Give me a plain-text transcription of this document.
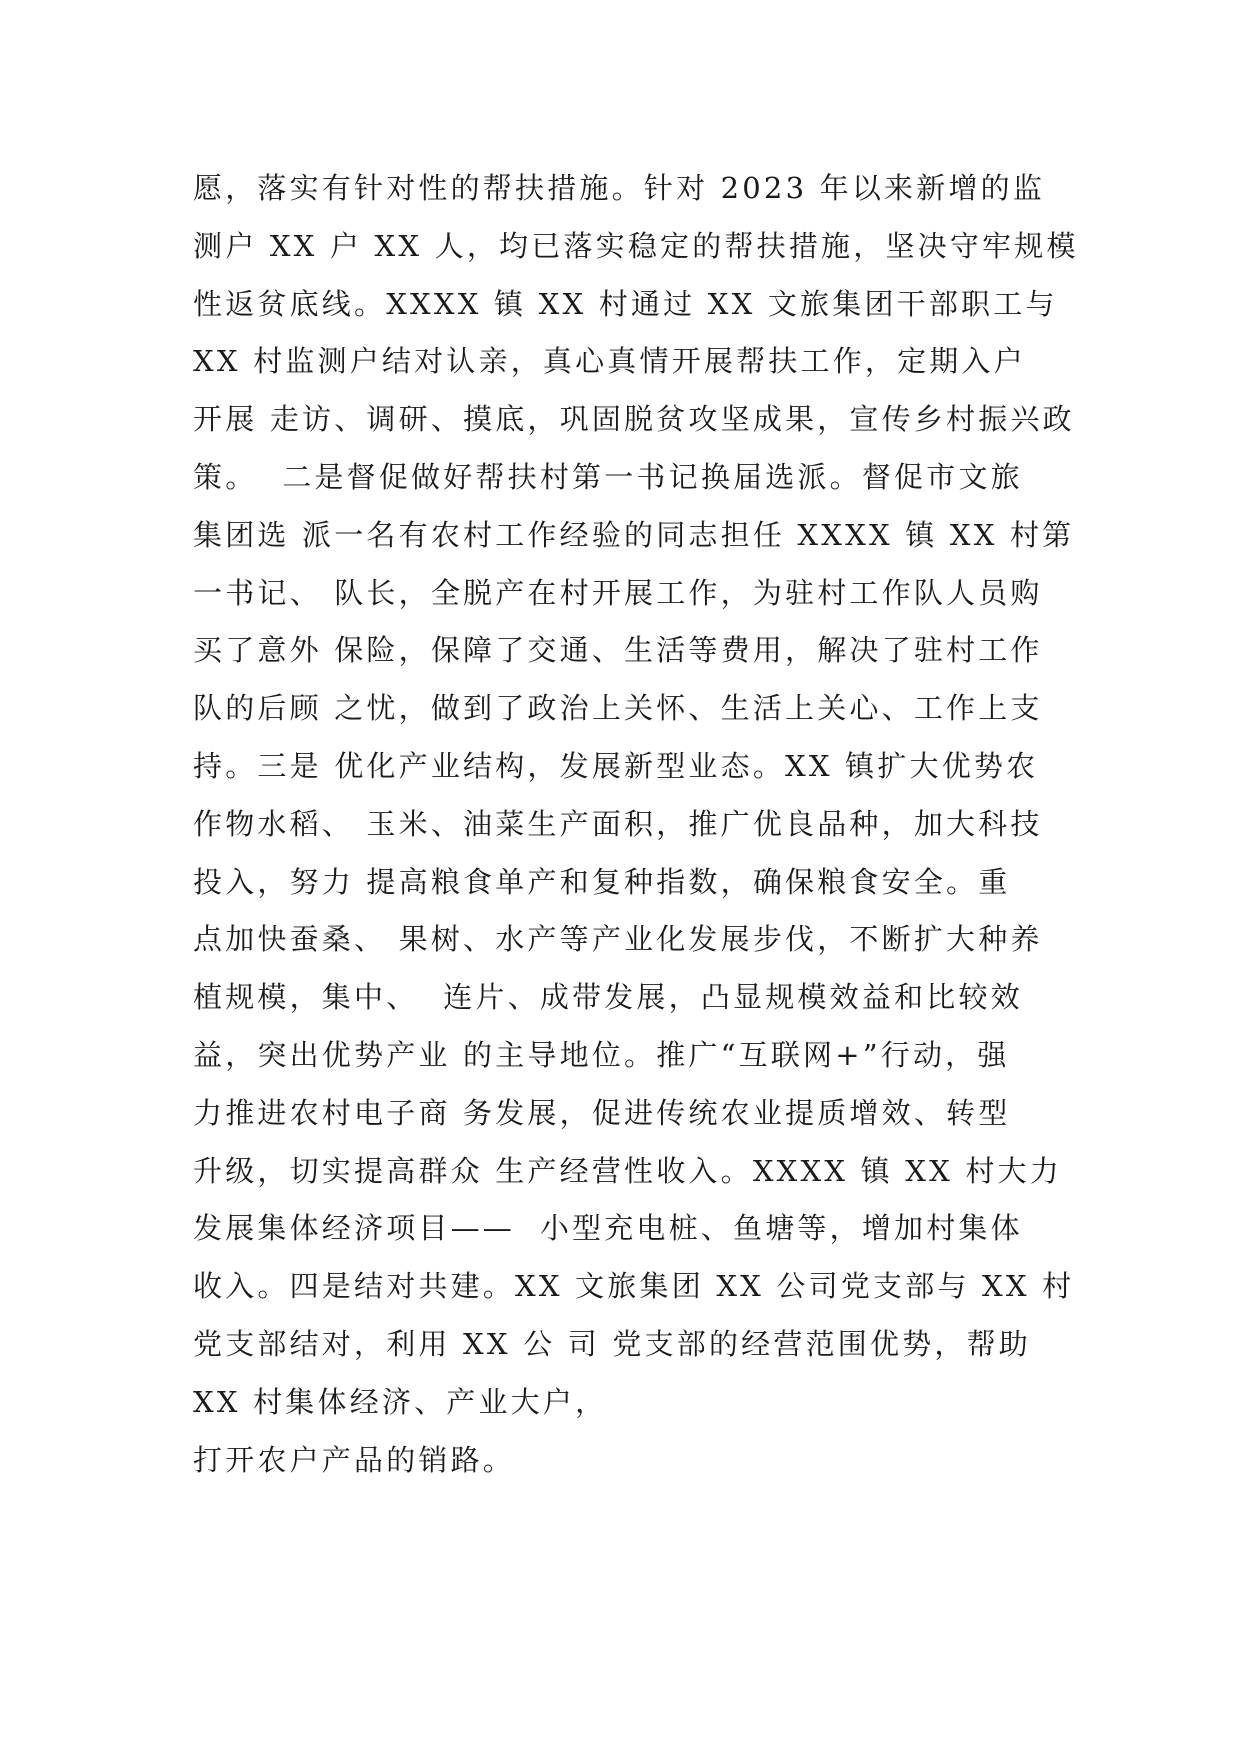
愿，落实有针对性的帮扶措施。针对 2023 年以来新增的监
测户 XX 户 XX 人，均已落实稳定的帮扶措施，坚决守牢规模
性返贫底线。XXXX 镇 XX 村通过 XX 文旅集团干部职工与
XX 村监测户结对认亲，真心真情开展帮扶工作，定期入户
开展 走访、调研、摸底，巩固脱贫攻坚成果，宣传乡村振兴政
策。  二是督促做好帮扶村第一书记换届选派。督促市文旅
集团选 派一名有农村工作经验的同志担任 XXXX 镇 XX 村第
一书记、 队长，全脱产在村开展工作，为驻村工作队人员购
买了意外 保险，保障了交通、生活等费用，解决了驻村工作
队的后顾 之忧，做到了政治上关怀、生活上关心、工作上支
持。三是 优化产业结构，发展新型业态。XX 镇扩大优势农
作物水稻、 玉米、油菜生产面积，推广优良品种，加大科技
投入，努力 提高粮食单产和复种指数，确保粮食安全。重
点加快蚕桑、 果树、水产等产业化发展步伐，不断扩大种养
植规模，集中、  连片、成带发展，凸显规模效益和比较效
益，突出优势产业 的主导地位。推广“互联网+”行动，强
力推进农村电子商 务发展，促进传统农业提质增效、转型
升级，切实提高群众 生产经营性收入。XXXX 镇 XX 村大力
发展集体经济项目——  小型充电桩、鱼塘等，增加村集体
收入。四是结对共建。XX 文旅集团 XX 公司党支部与 XX 村
党支部结对，利用 XX 公 司 党支部的经营范围优势，帮助
XX 村集体经济、产业大户，
打开农户产品的销路。
